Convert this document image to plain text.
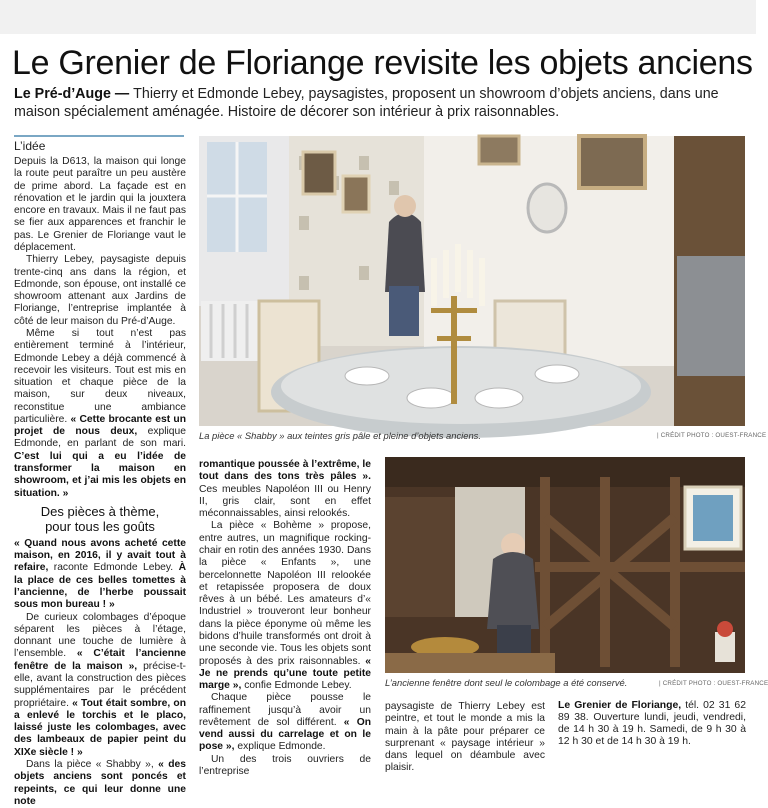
Le Grenier de Floriange revisite les objets anciens
Le Pré-d’Auge — Thierry et Edmonde Lebey, paysagistes, proposent un showroom d’objets anciens, dans une maison spécialement aménagée. Histoire de décorer son intérieur à prix raisonnables.
L’idée

Depuis la D613, la maison qui longe la route peut paraître un peu austère de prime abord. La façade est en rénovation et le jardin qui la jouxtera encore en travaux. Mais il ne faut pas se fier aux apparences et franchir le pas. Le Grenier de Floriange vaut le déplacement.

Thierry Lebey, paysagiste depuis trente-cinq ans dans la région, et Edmonde, son épouse, ont installé ce showroom attenant aux Jardins de Floriange, l’entreprise implantée à côté de leur maison du Pré-d’Auge.

Même si tout n’est pas entièrement terminé à l’intérieur, Edmonde Lebey a déjà commencé à recevoir les visiteurs. Tout est mis en situation et chaque pièce de la maison, sur deux niveaux, reconstitue une ambiance particulière. « Cette brocante est un projet de nous deux, explique Edmonde, en parlant de son mari. C’est lui qui a eu l’idée de transformer la maison en showroom, et j’ai mis les objets en situation. »

Des pièces à thème,
pour tous les goûts

« Quand nous avons acheté cette maison, en 2016, il y avait tout à refaire, raconte Edmonde Lebey. À la place de ces belles tomettes à l’ancienne, de l’herbe poussait sous mon bureau ! »

De curieux colombages d’époque séparent les pièces à l’étage, donnant une touche de lumière à l’ensemble. « C’était l’ancienne fenêtre de la maison », précise-t-elle, avant la construction des pièces supplémentaires par le précédent propriétaire. « Tout était sombre, on a enlevé le torchis et le placo, laissé juste les colombages, avec des lambeaux de papier peint du XIXe siècle ! »

Dans la pièce « Shabby », « des objets anciens sont poncés et repeints, ce qui leur donne une note

La pièce « Shabby » aux teintes gris pâle et pleine d’objets anciens.	| CRÉDIT PHOTO : OUEST-FRANCE

romantique poussée à l’extrême, le tout dans des tons très pâles ». Ces meubles Napoléon III ou Henry II, gris clair, sont en effet méconnaissables, ainsi relookés.

La pièce « Bohème » propose, entre autres, un magnifique rocking-chair en rotin des années 1930. Dans la pièce « Enfants », une bercelonnette Napoléon III relookée et retapissée proposera de doux rêves à un bébé. Les amateurs d’« Industriel » trouveront leur bonheur dans la pièce éponyme où même les bidons d’huile transformés ont droit à une seconde vie. Tous les objets sont proposés à des prix raisonnables. « Je ne prends qu’une toute petite marge », confie Edmonde Lebey.

Chaque pièce pousse le raffinement jusqu’à avoir un revêtement de sol différent. « On vend aussi du carrelage et on le pose », explique Edmonde.

Un des trois ouvriers de l’entreprise

L’ancienne fenêtre dont seul le colombage a été conservé.	| CRÉDIT PHOTO : OUEST-FRANCE

paysagiste de Thierry Lebey est peintre, et tout le monde a mis la main à la pâte pour préparer ce surprenant « paysage intérieur » dans lequel on déambule avec plaisir.

Le Grenier de Floriange, tél. 02 31 62 89 38. Ouverture lundi, jeudi, vendredi, de 14 h 30 à 19 h. Samedi, de 9 h 30 à 12 h 30 et de 14 h 30 à 19 h.
